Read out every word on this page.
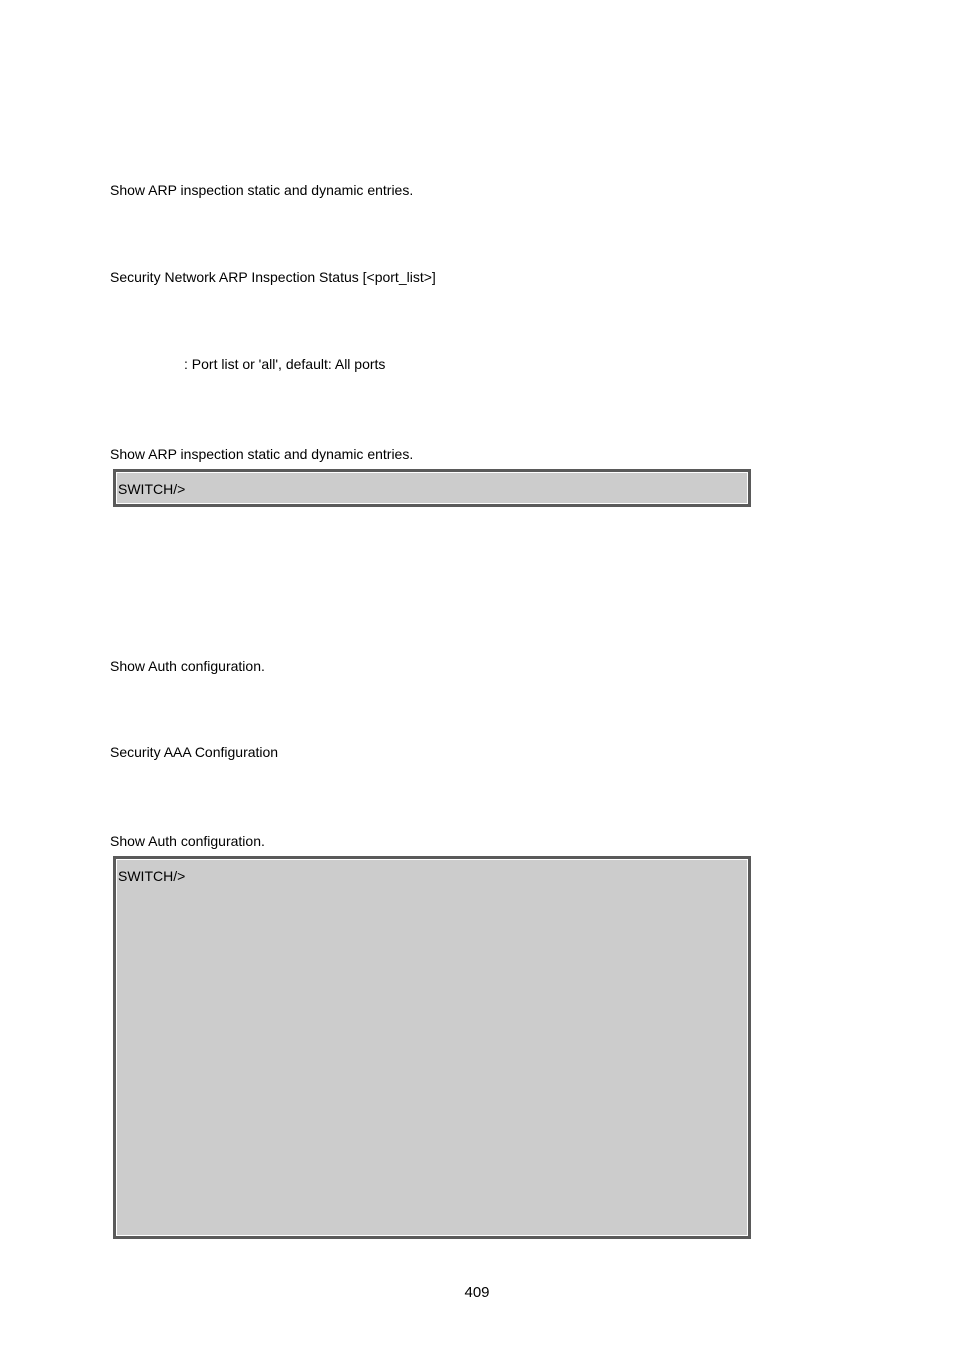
Show ARP inspection static and dynamic entries.
Security Network ARP Inspection Status [<port_list>]
: Port list or 'all', default: All ports
Show ARP inspection static and dynamic entries.
SWITCH/>
Show Auth configuration.
Security AAA Configuration
Show Auth configuration.
SWITCH/>
409
